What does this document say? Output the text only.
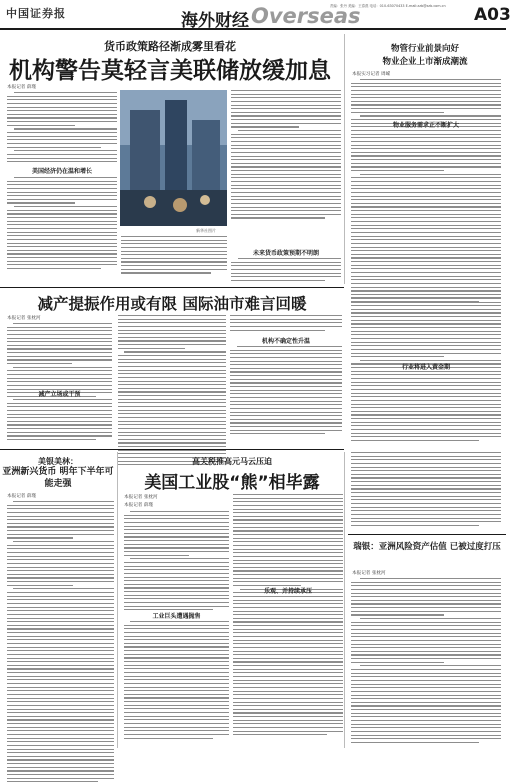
中国证券报	海外财经 Overseas
责编：张丹 美编：王春燕 电话：010-63070433 E-mail:zzb@zzb.com.cn	A03
货币政策路径渐成雾里看花
机构警告莫轻言美联储放缓加息
本报记者 薛瑾
美国经济仍在温和增长
新华社图片
未来货币政策预期不明朗
物管行业前景向好
物业企业上市渐成潮流
本报实习记者 周嵘
物业服务需求正不断扩大
减产提振作用或有限 国际油市难言回暖
本报记者 张枕河
减产立场或干预
机构不确定性升温
行业将进入黄金期
美银美林：
亚洲新兴货币 明年下半年可能走强
本报记者 薛瑾
高关税推高元马云压迫
美国工业股“熊”相毕露
本报记者 张枕河
本报记者 薛瑾
工业巨头遭遇抛售
乐观、并持续承压
瑞银：亚洲风险资产估值 已被过度打压
本报记者 张枕河
